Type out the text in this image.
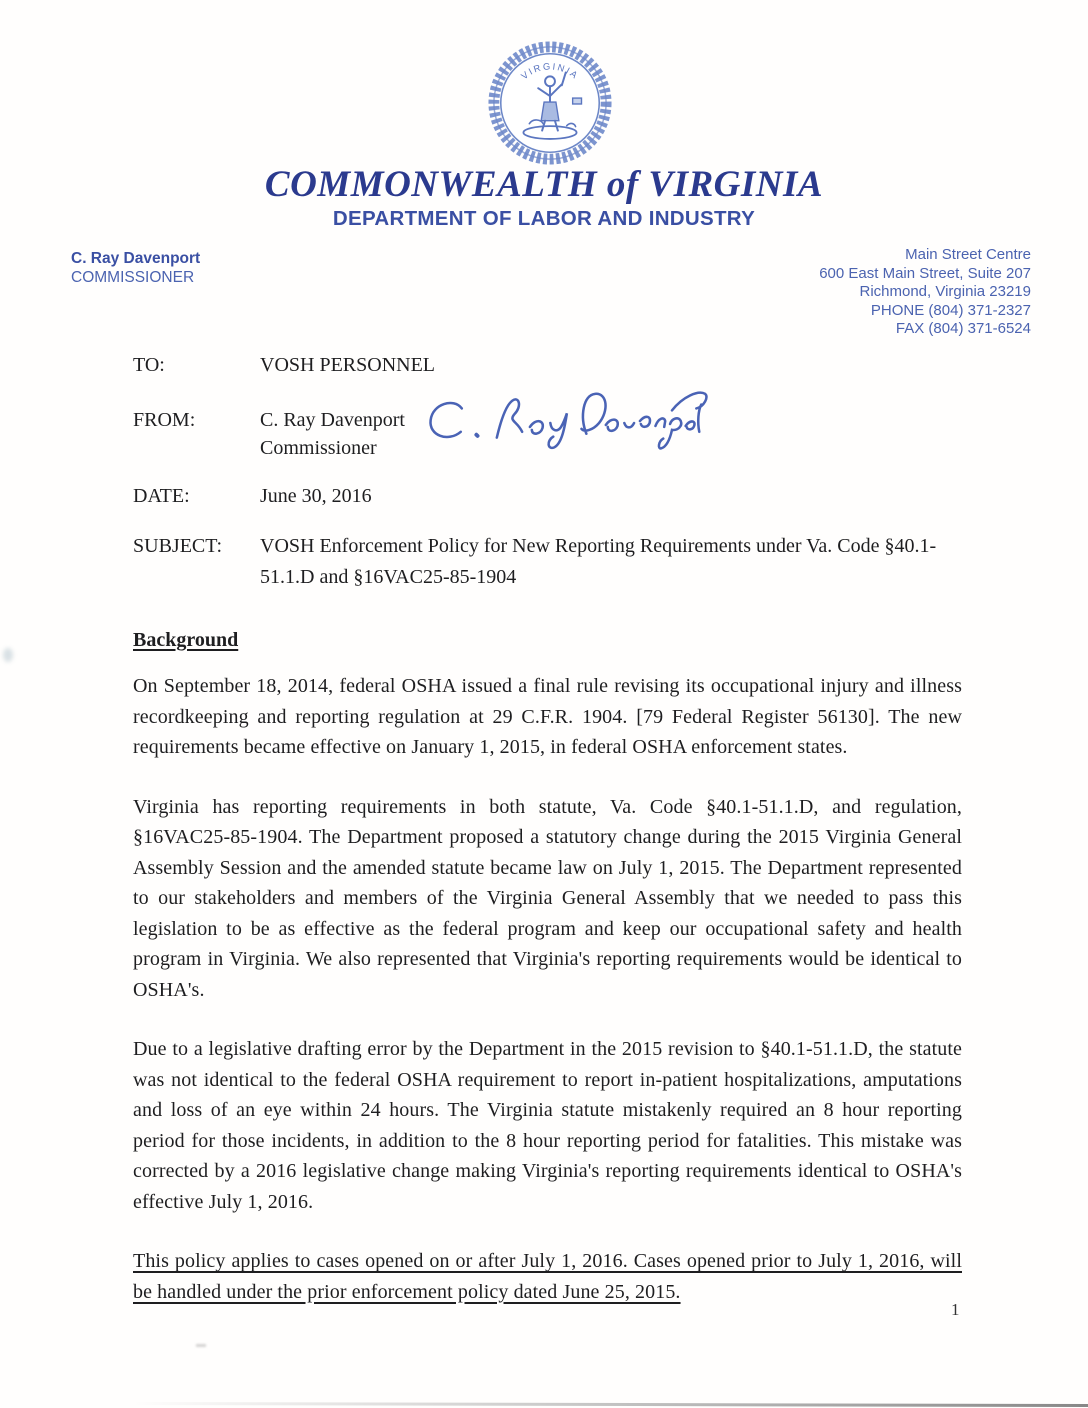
VIRGINIA
COMMONWEALTH of VIRGINIA
DEPARTMENT OF LABOR AND INDUSTRY
C. Ray Davenport
COMMISSIONER
Main Street Centre
600 East Main Street, Suite 207
Richmond, Virginia 23219
PHONE (804) 371-2327
FAX (804) 371-6524
TO:	VOSH PERSONNEL
FROM:	C. Ray Davenport
Commissioner
DATE:	June 30, 2016
SUBJECT:	VOSH Enforcement Policy for New Reporting Requirements under Va. Code §40.1-51.1.D and §16VAC25-85-1904
Background

On September 18, 2014, federal OSHA issued a final rule revising its occupational injury and illness recordkeeping and reporting regulation at 29 C.F.R. 1904. [79 Federal Register 56130]. The new requirements became effective on January 1, 2015, in federal OSHA enforcement states.

Virginia has reporting requirements in both statute, Va. Code §40.1-51.1.D, and regulation, §16VAC25-85-1904. The Department proposed a statutory change during the 2015 Virginia General Assembly Session and the amended statute became law on July 1, 2015. The Department represented to our stakeholders and members of the Virginia General Assembly that we needed to pass this legislation to be as effective as the federal program and keep our occupational safety and health program in Virginia. We also represented that Virginia's reporting requirements would be identical to OSHA's.

Due to a legislative drafting error by the Department in the 2015 revision to §40.1-51.1.D, the statute was not identical to the federal OSHA requirement to report in-patient hospitalizations, amputations and loss of an eye within 24 hours. The Virginia statute mistakenly required an 8 hour reporting period for those incidents, in addition to the 8 hour reporting period for fatalities. This mistake was corrected by a 2016 legislative change making Virginia's reporting requirements identical to OSHA's effective July 1, 2016.

This policy applies to cases opened on or after July 1, 2016. Cases opened prior to July 1, 2016, will be handled under the prior enforcement policy dated June 25, 2015.

1
